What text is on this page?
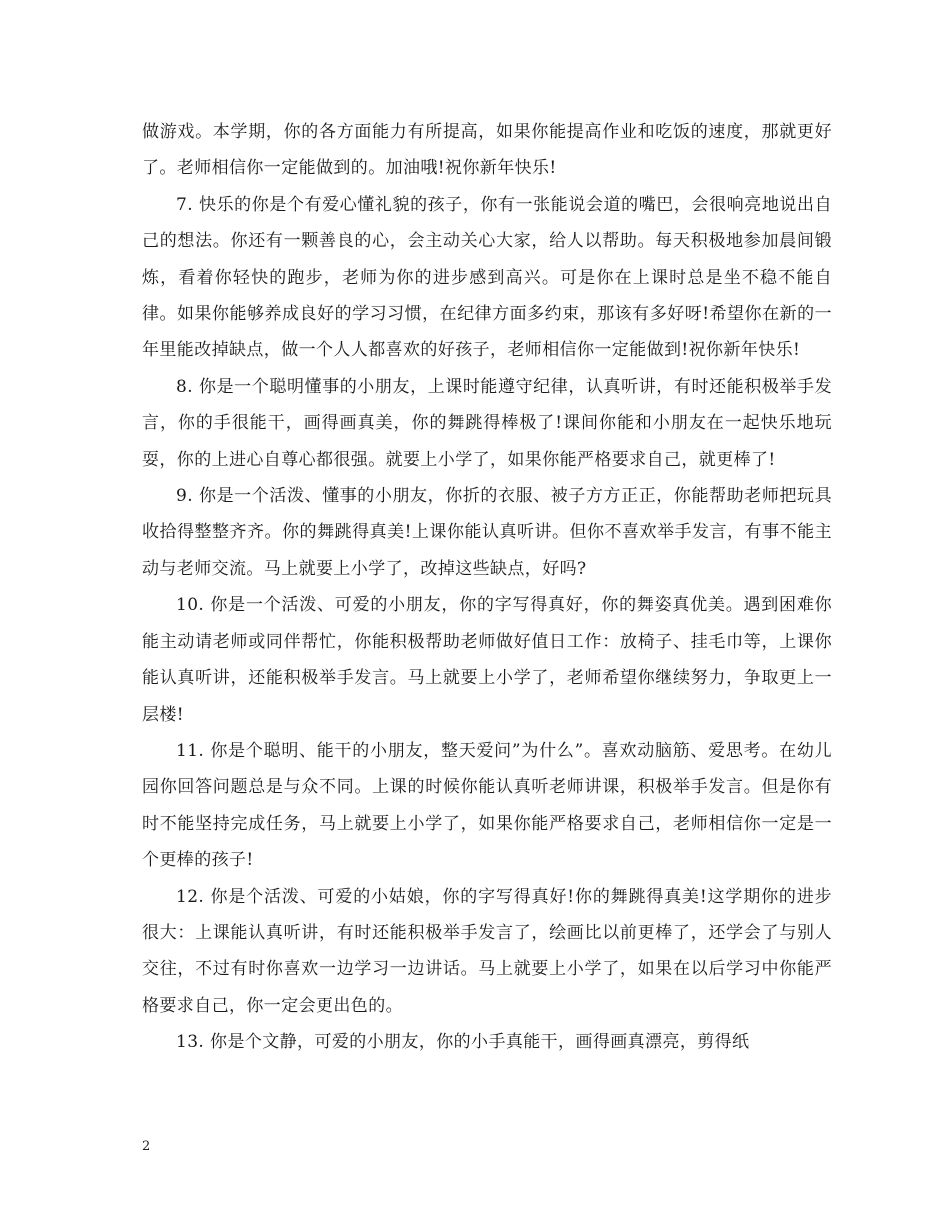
做游戏。本学期，你的各方面能力有所提高，如果你能提高作业和吃饭的速度，那就更好了。老师相信你一定能做到的。加油哦!祝你新年快乐!

7. 快乐的你是个有爱心懂礼貌的孩子，你有一张能说会道的嘴巴，会很响亮地说出自己的想法。你还有一颗善良的心，会主动关心大家，给人以帮助。每天积极地参加晨间锻炼，看着你轻快的跑步，老师为你的进步感到高兴。可是你在上课时总是坐不稳不能自律。如果你能够养成良好的学习习惯，在纪律方面多约束，那该有多好呀!希望你在新的一年里能改掉缺点，做一个人人都喜欢的好孩子，老师相信你一定能做到!祝你新年快乐!

8. 你是一个聪明懂事的小朋友，上课时能遵守纪律，认真听讲，有时还能积极举手发言，你的手很能干，画得画真美，你的舞跳得棒极了!课间你能和小朋友在一起快乐地玩耍，你的上进心自尊心都很强。就要上小学了，如果你能严格要求自己，就更棒了!

9. 你是一个活泼、懂事的小朋友，你折的衣服、被子方方正正，你能帮助老师把玩具收拾得整整齐齐。你的舞跳得真美!上课你能认真听讲。但你不喜欢举手发言，有事不能主动与老师交流。马上就要上小学了，改掉这些缺点，好吗?

10. 你是一个活泼、可爱的小朋友，你的字写得真好，你的舞姿真优美。遇到困难你能主动请老师或同伴帮忙，你能积极帮助老师做好值日工作：放椅子、挂毛巾等，上课你能认真听讲，还能积极举手发言。马上就要上小学了，老师希望你继续努力，争取更上一层楼!

11. 你是个聪明、能干的小朋友，整天爱问”为什么”。喜欢动脑筋、爱思考。在幼儿园你回答问题总是与众不同。上课的时候你能认真听老师讲课，积极举手发言。但是你有时不能坚持完成任务，马上就要上小学了，如果你能严格要求自己，老师相信你一定是一个更棒的孩子!

12. 你是个活泼、可爱的小姑娘，你的字写得真好!你的舞跳得真美!这学期你的进步很大：上课能认真听讲，有时还能积极举手发言了，绘画比以前更棒了，还学会了与别人交往，不过有时你喜欢一边学习一边讲话。马上就要上小学了，如果在以后学习中你能严格要求自己，你一定会更出色的。

13. 你是个文静，可爱的小朋友，你的小手真能干，画得画真漂亮，剪得纸

2
